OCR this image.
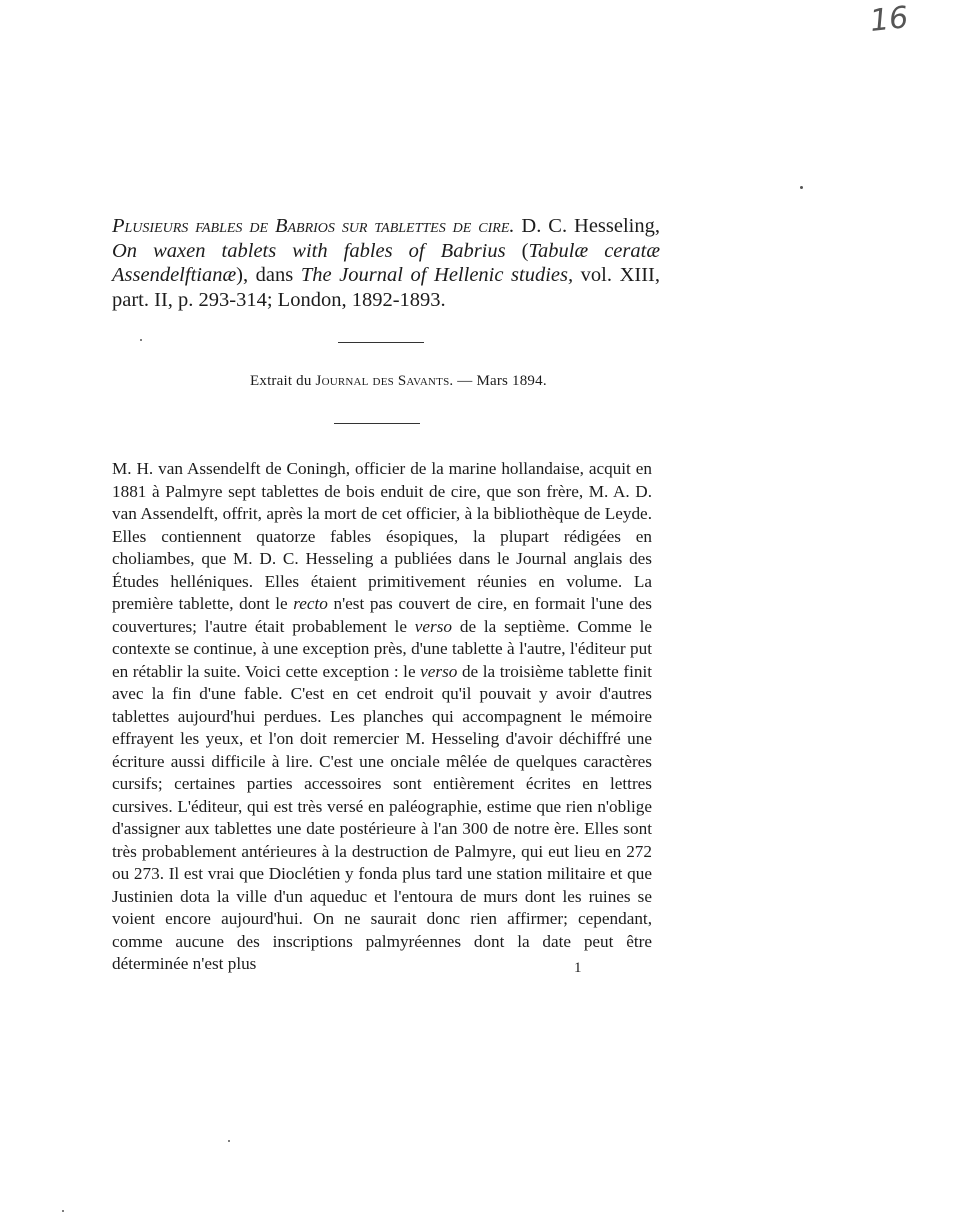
16
Plusieurs fables de Babrios sur tablettes de cire. D. C. Hesseling, On waxen tablets with fables of Babrius (Tabulæ ceratæ Assendelftianæ), dans The Journal of Hellenic studies, vol. XIII, part. II, p. 293-314; London, 1892-1893.
Extrait du Journal des Savants. — Mars 1894.
M. H. van Assendelft de Coningh, officier de la marine hollandaise, acquit en 1881 à Palmyre sept tablettes de bois enduit de cire, que son frère, M. A. D. van Assendelft, offrit, après la mort de cet officier, à la bibliothèque de Leyde. Elles contiennent quatorze fables ésopiques, la plupart rédigées en choliambes, que M. D. C. Hesseling a publiées dans le Journal anglais des Études helléniques. Elles étaient primitivement réunies en volume. La première tablette, dont le recto n'est pas couvert de cire, en formait l'une des couvertures; l'autre était probablement le verso de la septième. Comme le contexte se continue, à une exception près, d'une tablette à l'autre, l'éditeur put en rétablir la suite. Voici cette exception : le verso de la troisième tablette finit avec la fin d'une fable. C'est en cet endroit qu'il pouvait y avoir d'autres tablettes aujourd'hui perdues. Les planches qui accompagnent le mémoire effrayent les yeux, et l'on doit remercier M. Hesseling d'avoir déchiffré une écriture aussi difficile à lire. C'est une onciale mêlée de quelques caractères cursifs; certaines parties accessoires sont entièrement écrites en lettres cursives. L'éditeur, qui est très versé en paléographie, estime que rien n'oblige d'assigner aux tablettes une date postérieure à l'an 300 de notre ère. Elles sont très probablement antérieures à la destruction de Palmyre, qui eut lieu en 272 ou 273. Il est vrai que Dioclétien y fonda plus tard une station militaire et que Justinien dota la ville d'un aqueduc et l'entoura de murs dont les ruines se voient encore aujourd'hui. On ne saurait donc rien affirmer; cependant, comme aucune des inscriptions palmyréennes dont la date peut être déterminée n'est plus	1
